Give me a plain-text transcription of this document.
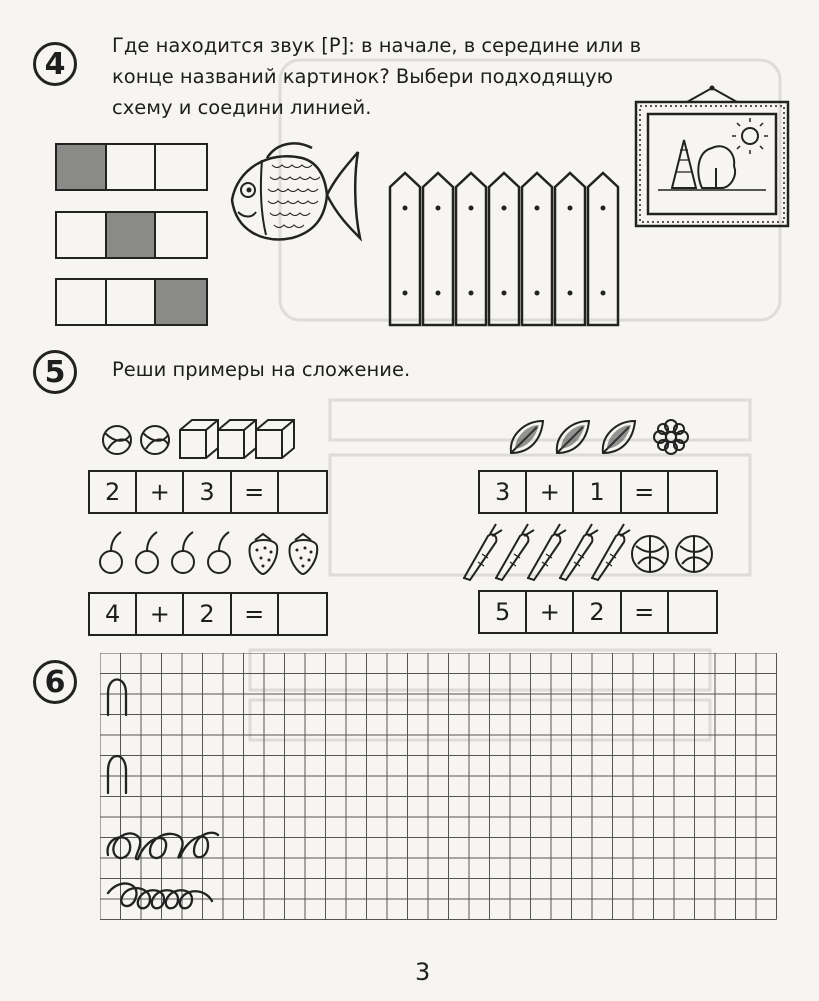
4
Где находится звук [Р]: в начале, в середине или в
конце названий картинок? Выбери подходящую
схему и соедини линией.
5 Реши примеры на сложение.
2	+	3	=	3	+	1	=
4	+	2	=	5	+	2	=
6
3
